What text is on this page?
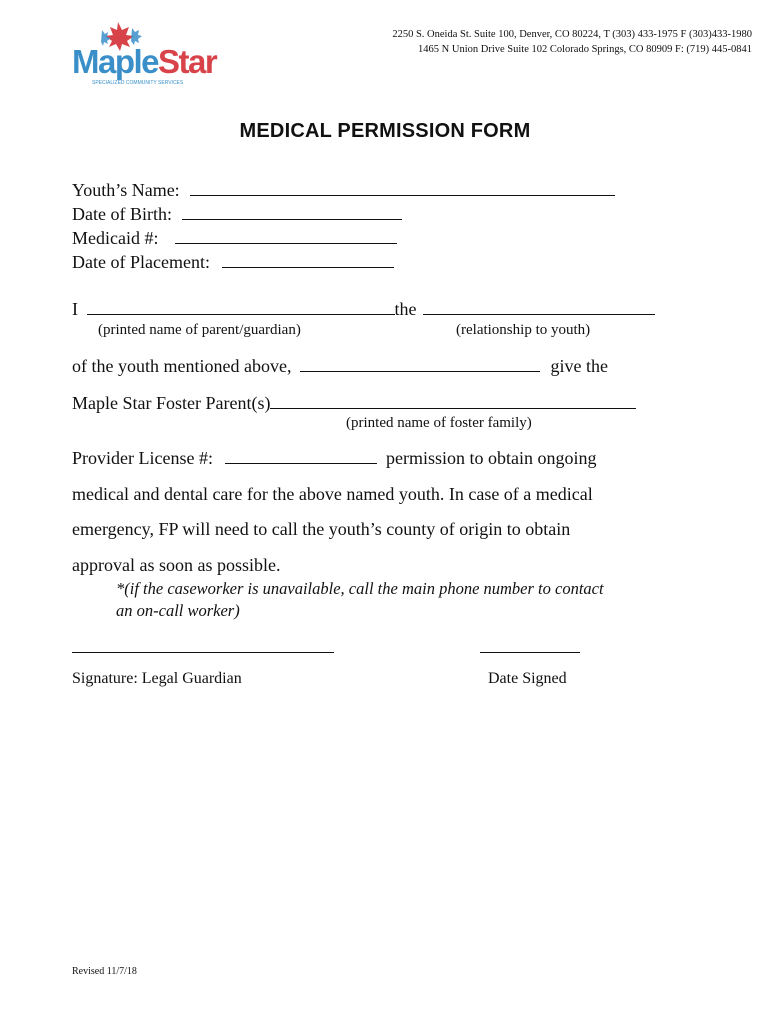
2250 S. Oneida St. Suite 100, Denver, CO 80224, T (303) 433-1975 F (303)433-1980
1465 N Union Drive Suite 102 Colorado Springs, CO 80909 F: (719) 445-0841
MapleStar
SPECIALIZED COMMUNITY SERVICES
MEDICAL PERMISSION FORM
Youth’s Name:
Date of Birth:
Medicaid #:
Date of Placement:
I	the
(printed name of parent/guardian)	(relationship to youth)
of the youth mentioned above,	give the
Maple Star Foster Parent(s)
(printed name of foster family)
Provider License #:	permission to obtain ongoing
medical and dental care for the above named youth. In case of a medical
emergency, FP will need to call the youth’s county of origin to obtain
approval as soon as possible.
*(if the caseworker is unavailable, call the main phone number to contact
an on-call worker)
Signature: Legal Guardian	Date Signed
Revised 11/7/18
